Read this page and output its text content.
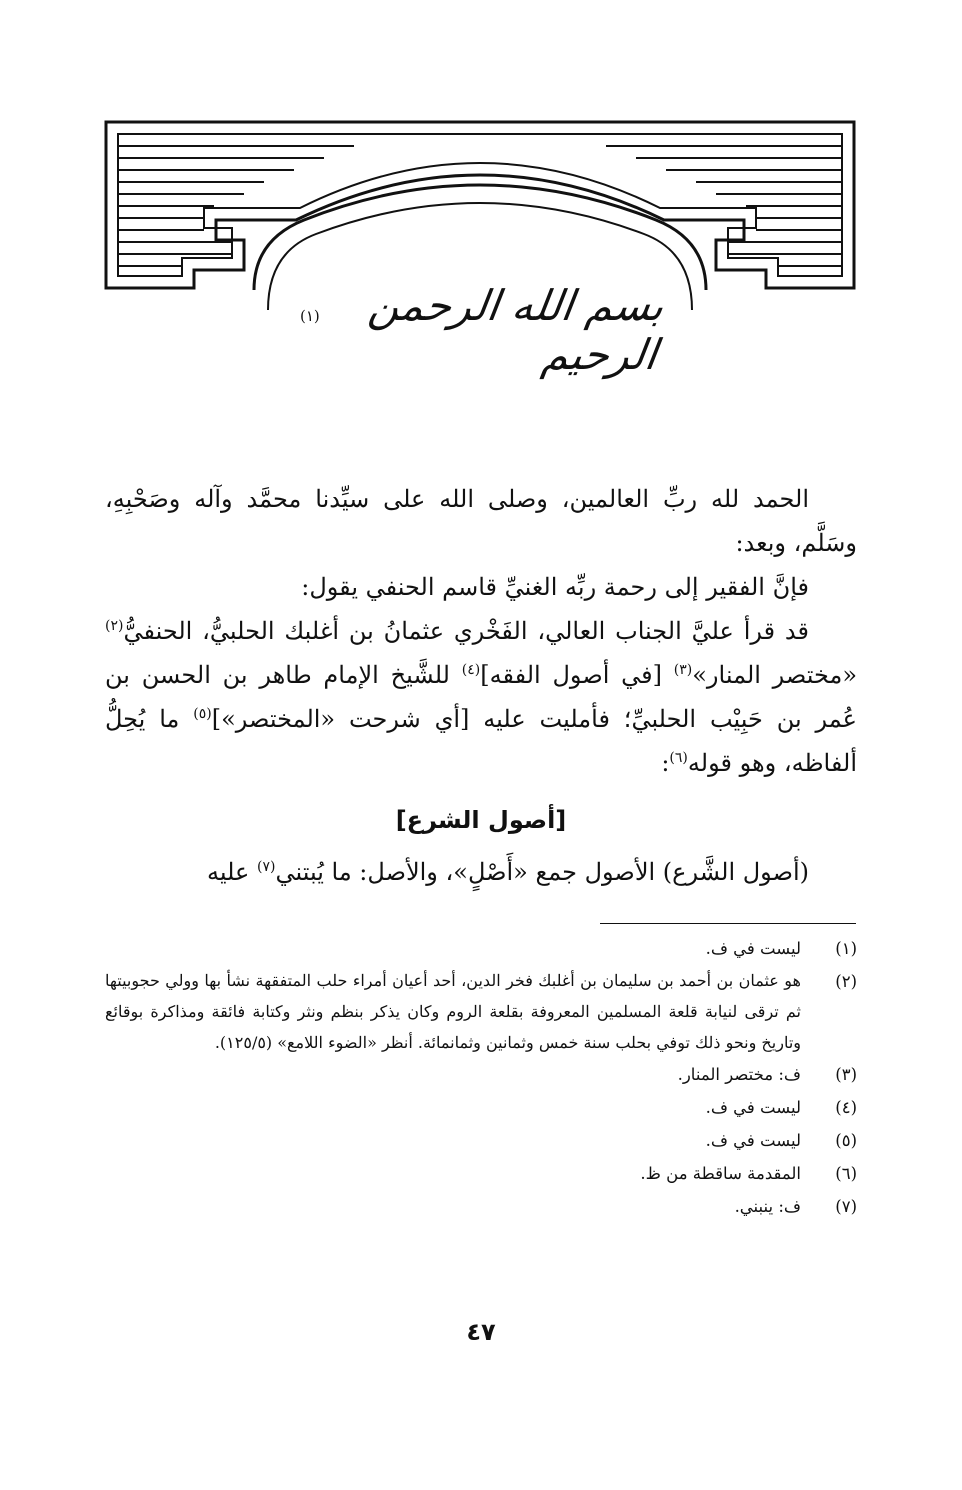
بسم الله الرحمن الرحيم
(١)

الحمد لله ربِّ العالمين، وصلى الله على سيِّدنا محمَّد وآله وصَحْبِهِ، وسَلَّم، وبعد:

فإنَّ الفقير إلى رحمة ربِّه الغنيِّ قاسم الحنفي يقول:

قد قرأ عليَّ الجناب العالي، الفَخْري عثمانُ بن أغلبك الحلبيُّ، الحنفيُّ$^{(٢)}$ «مختصر المنار»$^{(٣)}$ [في أصول الفقه]$^{(٤)}$ للشَّيخ الإمام طاهر بن الحسن بن عُمر بن حَبِيْب الحلبيِّ؛ فأمليت عليه [أي شرحت «المختصر»]$^{(٥)}$ ما يُحِلُّ ألفاظه، وهو قوله$^{(٦)}$:

[أصول الشرع]

(أصول الشَّرع) الأصول جمع «أَصْلٍ»، والأصل: ما يُبتني$^{(٧)}$ عليه

(١)
ليست في ف.
(٢)
هو عثمان بن أحمد بن سليمان بن أغلبك فخر الدين، أحد أعيان أمراء حلب المتفقهة نشأ بها وولي حجوبيتها ثم ترقى لنيابة قلعة المسلمين المعروفة بقلعة الروم وكان يذكر بنظم ونثر وكتابة فائقة ومذاكرة بوقائع وتاريخ ونحو ذلك توفي بحلب سنة خمس وثمانين وثمانمائة. أنظر «الضوء اللامع» (١٢٥/٥).
(٣)
ف: مختصر المنار.
(٤)
ليست في ف.
(٥)
ليست في ف.
(٦)
المقدمة ساقطة من ظ.
(٧)
ف: ينبني.
٤٧
